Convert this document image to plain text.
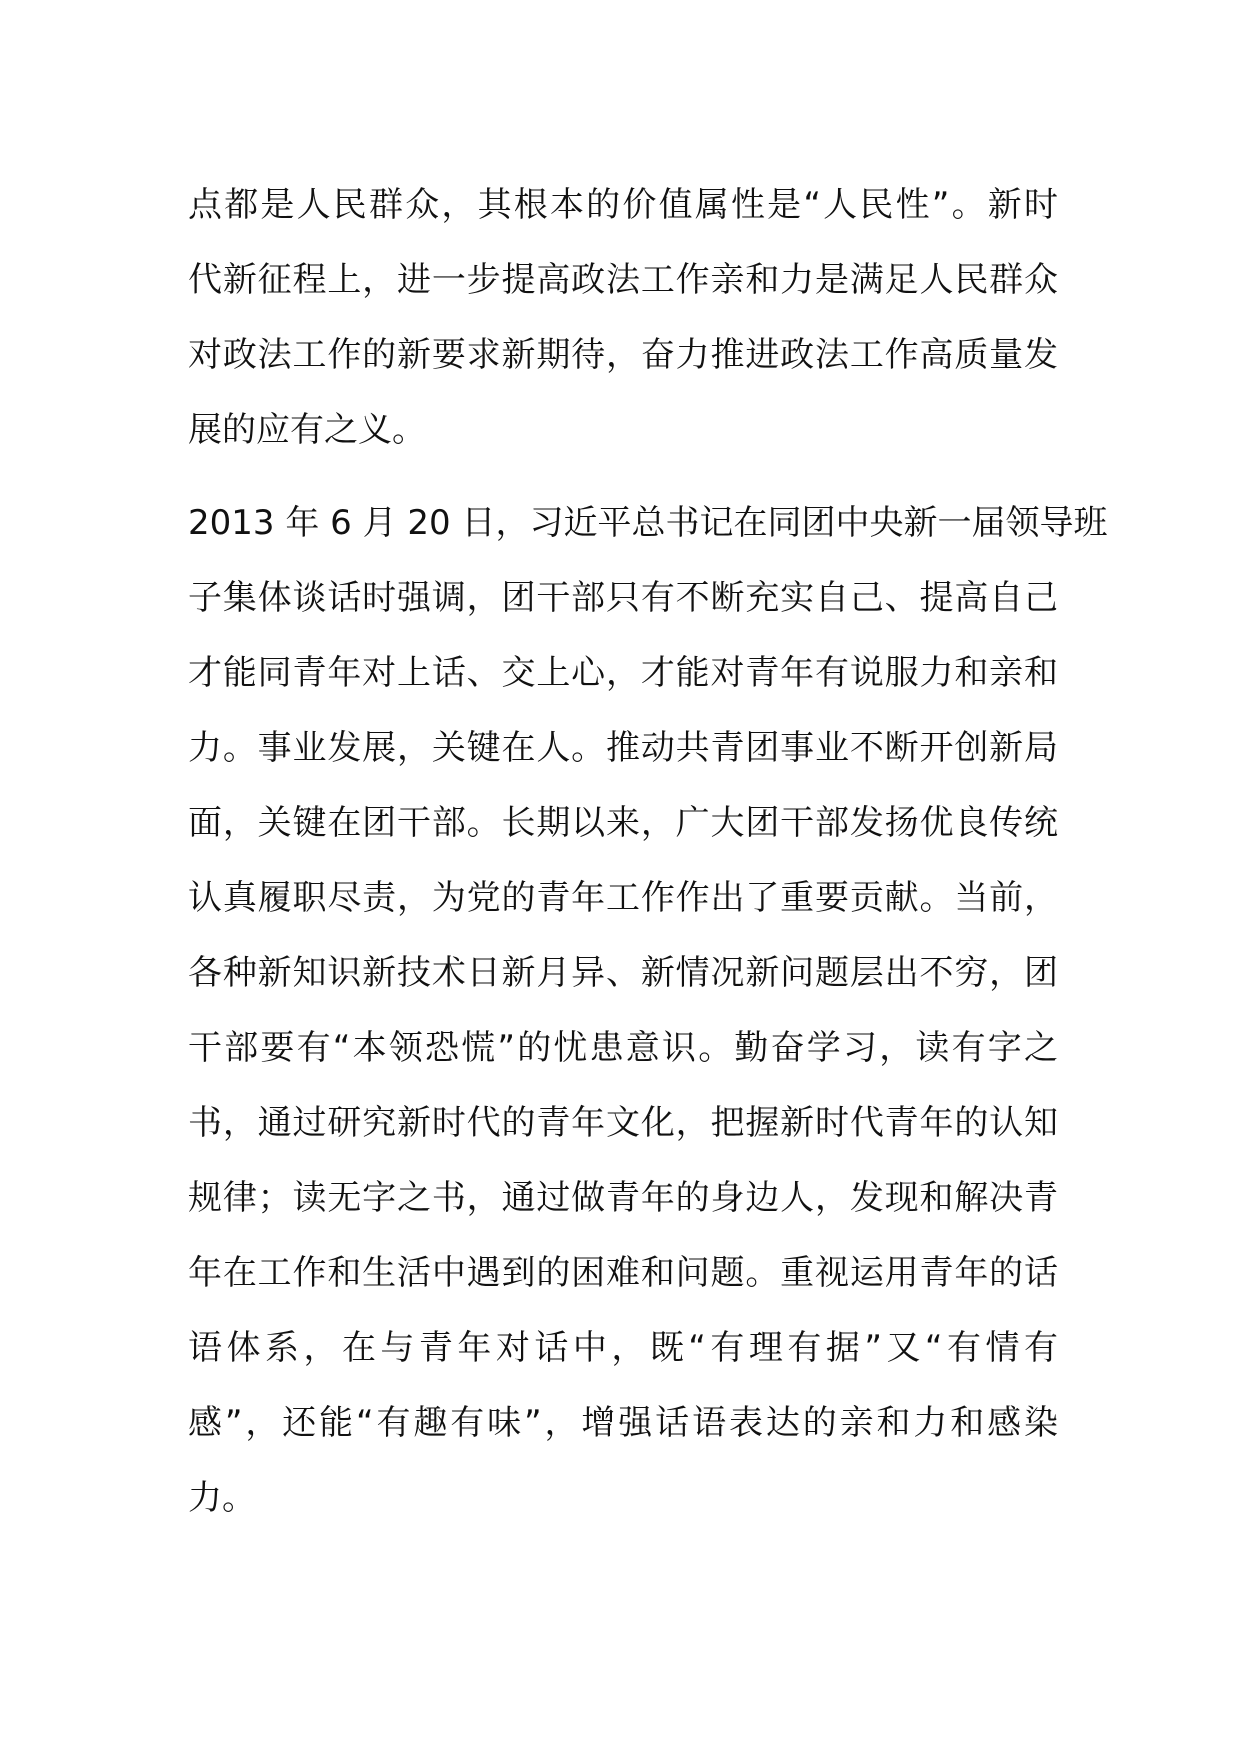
点都是人民群众，其根本的价值属性是“人民性”。新时
代新征程上，进一步提高政法工作亲和力是满足人民群众
对政法工作的新要求新期待，奋力推进政法工作高质量发
展的应有之义。

2013 年 6 月 20 日，习近平总书记在同团中央新一届领导班
子集体谈话时强调，团干部只有不断充实自己、提高自己
才能同青年对上话、交上心，才能对青年有说服力和亲和
力。事业发展，关键在人。推动共青团事业不断开创新局
面，关键在团干部。长期以来，广大团干部发扬优良传统
认真履职尽责，为党的青年工作作出了重要贡献。当前，
各种新知识新技术日新月异、新情况新问题层出不穷，团
干部要有“本领恐慌”的忧患意识。勤奋学习，读有字之
书，通过研究新时代的青年文化，把握新时代青年的认知
规律；读无字之书，通过做青年的身边人，发现和解决青
年在工作和生活中遇到的困难和问题。重视运用青年的话
语体系，在与青年对话中，既“有理有据”又“有情有
感”，还能“有趣有味”，增强话语表达的亲和力和感染
力。
